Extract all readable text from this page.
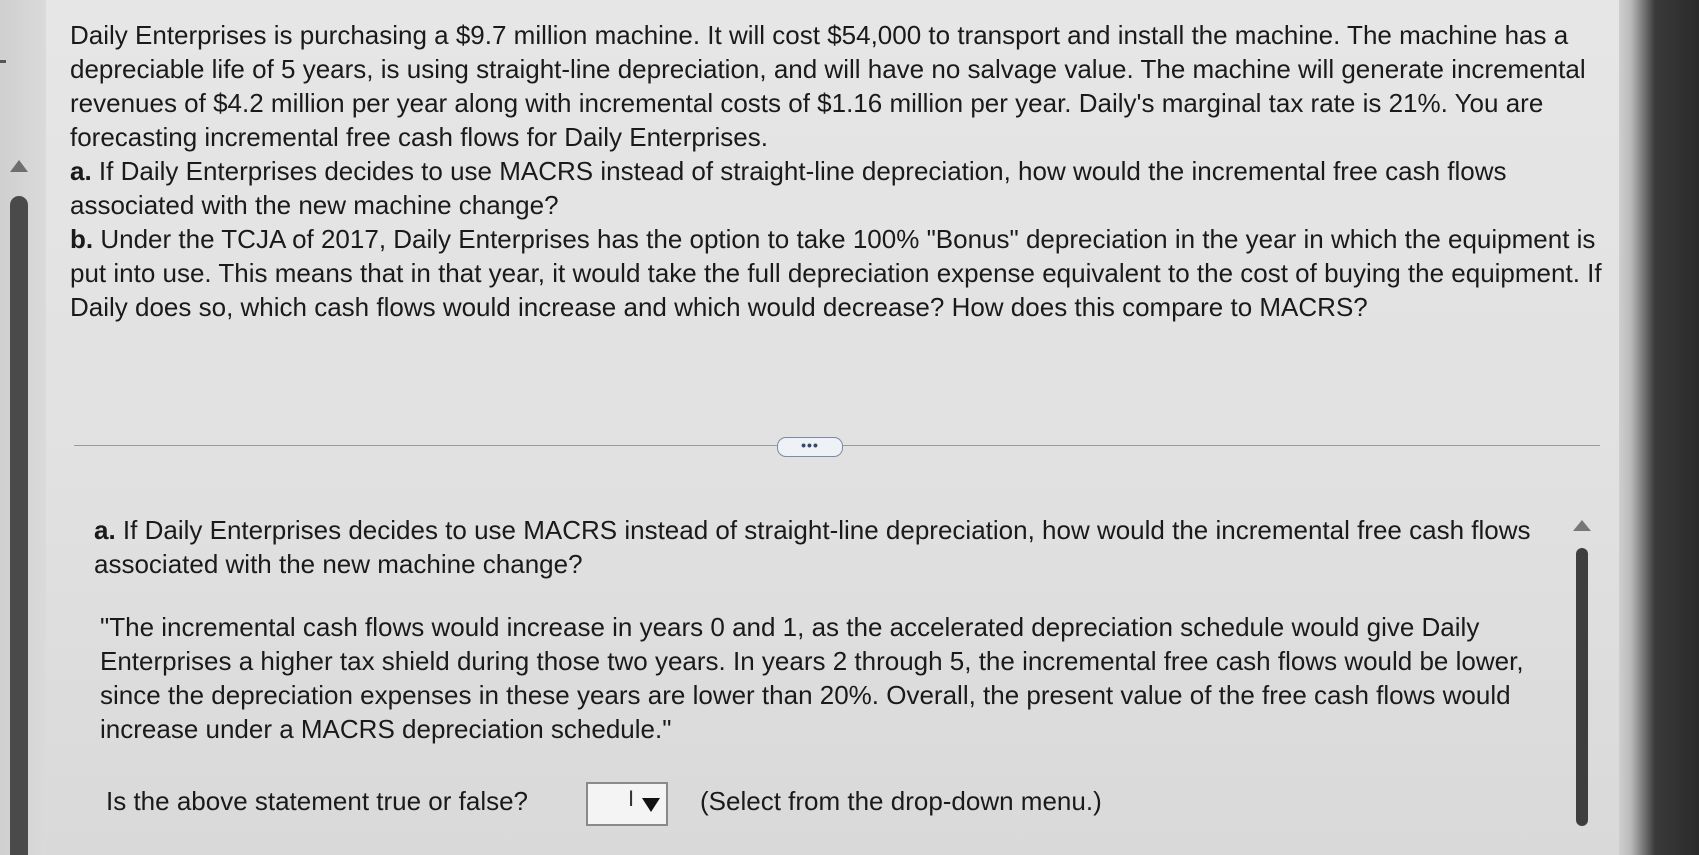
Daily Enterprises is purchasing a $9.7 million machine. It will cost $54,000 to transport and install the machine. The machine has a depreciable life of 5 years, is using straight-line depreciation, and will have no salvage value. The machine will generate incremental revenues of $4.2 million per year along with incremental costs of $1.16 million per year. Daily's marginal tax rate is 21%. You are forecasting incremental free cash flows for Daily Enterprises.

a. If Daily Enterprises decides to use MACRS instead of straight-line depreciation, how would the incremental free cash flows associated with the new machine change?

b. Under the TCJA of 2017, Daily Enterprises has the option to take 100% "Bonus" depreciation in the year in which the equipment is put into use. This means that in that year, it would take the full depreciation expense equivalent to the cost of buying the equipment. If Daily does so, which cash flows would increase and which would decrease? How does this compare to MACRS?

•••

a. If Daily Enterprises decides to use MACRS instead of straight-line depreciation, how would the incremental free cash flows associated with the new machine change?

"The incremental cash flows would increase in years 0 and 1, as the accelerated depreciation schedule would give Daily Enterprises a higher tax shield during those two years. In years 2 through 5, the incremental free cash flows would be lower, since the depreciation expenses in these years are lower than 20%. Overall, the present value of the free cash flows would increase under a MACRS depreciation schedule."
Is the above statement true or false?	I	(Select from the drop-down menu.)
